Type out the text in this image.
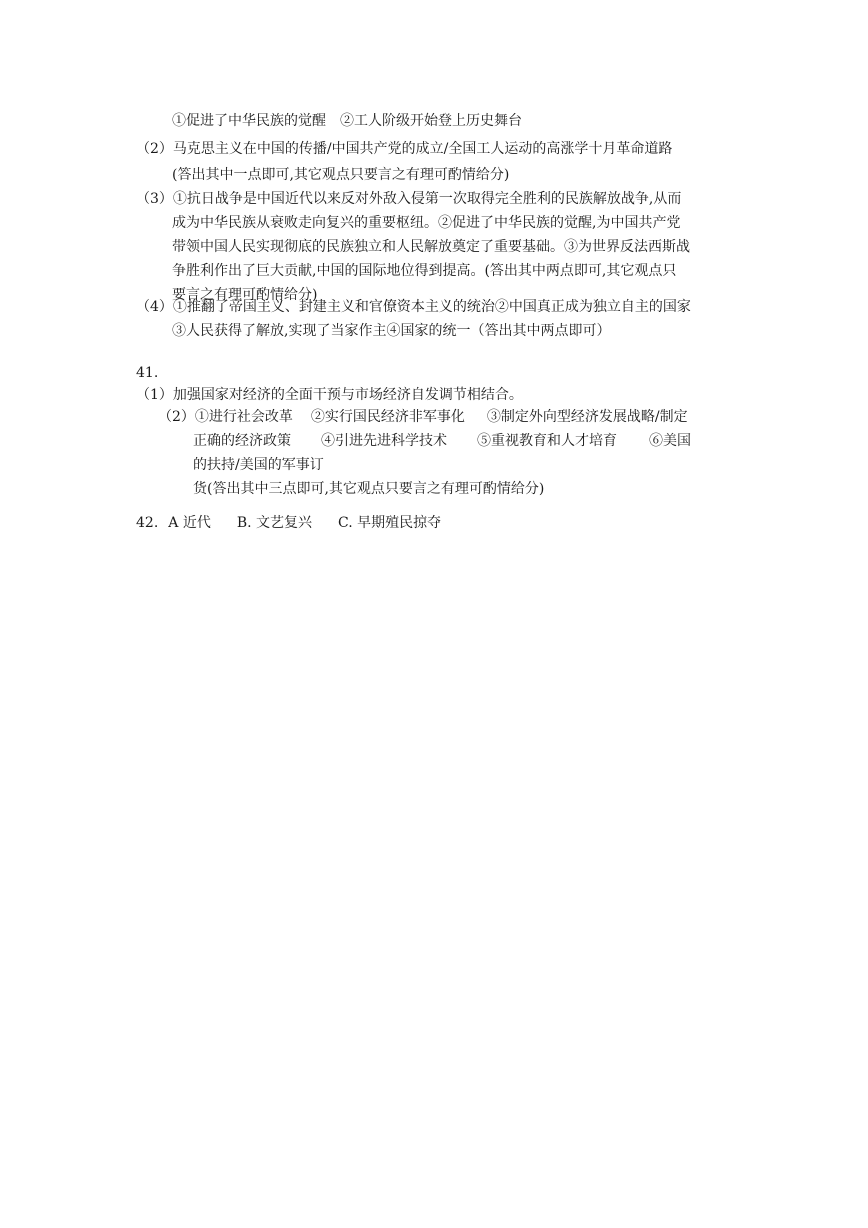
①促进了中华民族的觉醒　②工人阶级开始登上历史舞台
（2）马克思主义在中国的传播/中国共产党的成立/全国工人运动的高涨学十月革命道路
(答出其中一点即可,其它观点只要言之有理可酌情给分)
（3）①抗日战争是中国近代以来反对外敌入侵第一次取得完全胜利的民族解放战争,从而
成为中华民族从衰败走向复兴的重要枢纽。②促进了中华民族的觉醒,为中国共产党
带领中国人民实现彻底的民族独立和人民解放奠定了重要基础。③为世界反法西斯战
争胜利作出了巨大贡献,中国的国际地位得到提高。(答出其中两点即可,其它观点只
要言之有理可酌情给分)
（4）①推翻了帝国主义、封建主义和官僚资本主义的统治②中国真正成为独立自主的国家
③人民获得了解放,实现了当家作主④国家的统一（答出其中两点即可）
41.
（1）加强国家对经济的全面干预与市场经济自发调节相结合。
（2）①进行社会改革 ②实行国民经济非军事化 ③制定外向型经济发展战略/制定
正确的经济政策 ④引进先进科学技术 ⑤重视教育和人才培育 ⑥美国
的扶持/美国的军事订
货(答出其中三点即可,其它观点只要言之有理可酌情给分)
42. A 近代 B. 文艺复兴 C. 早期殖民掠夺
